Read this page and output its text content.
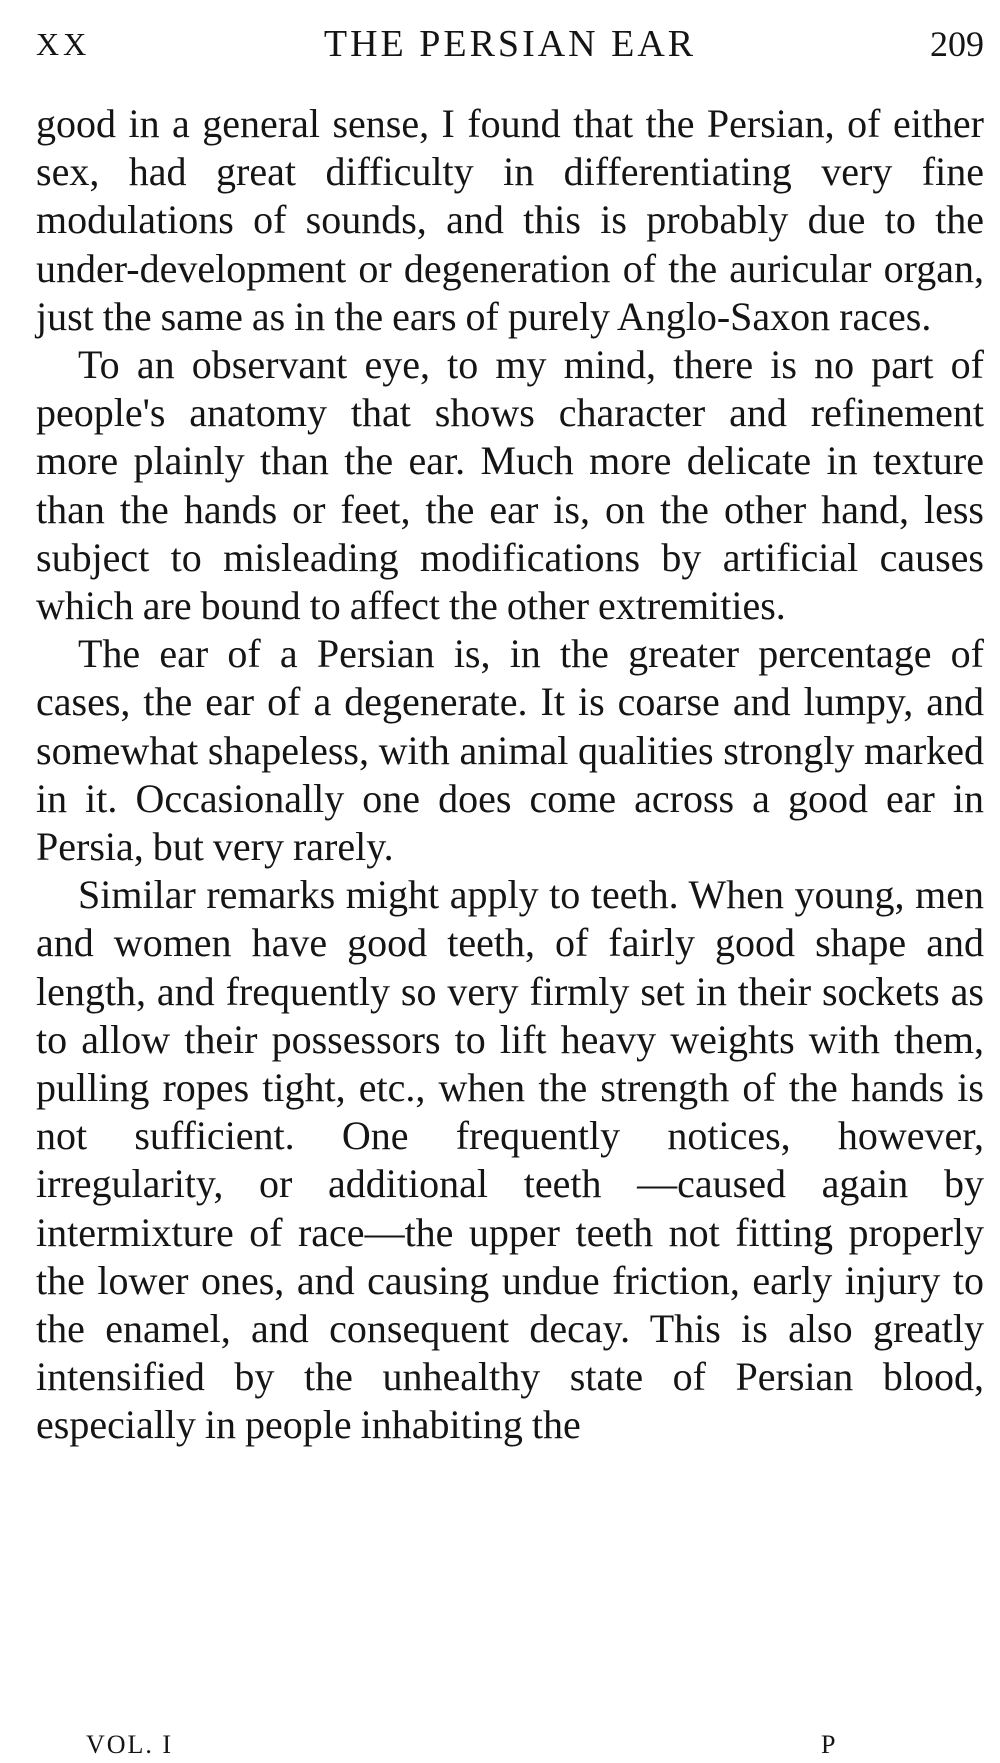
XX	THE PERSIAN EAR	209

good in a general sense, I found that the Persian, of either sex, had great difficulty in differentiating very fine modulations of sounds, and this is probably due to the under-development or degeneration of the auricular organ, just the same as in the ears of purely Anglo-Saxon races.

To an observant eye, to my mind, there is no part of people's anatomy that shows character and refinement more plainly than the ear. Much more delicate in texture than the hands or feet, the ear is, on the other hand, less subject to misleading modifications by artificial causes which are bound to affect the other extremities.

The ear of a Persian is, in the greater percentage of cases, the ear of a degenerate. It is coarse and lumpy, and somewhat shapeless, with animal qualities strongly marked in it. Occasionally one does come across a good ear in Persia, but very rarely.

Similar remarks might apply to teeth. When young, men and women have good teeth, of fairly good shape and length, and frequently so very firmly set in their sockets as to allow their possessors to lift heavy weights with them, pulling ropes tight, etc., when the strength of the hands is not sufficient. One frequently notices, however, irregularity, or additional teeth —caused again by intermixture of race—the upper teeth not fitting properly the lower ones, and causing undue friction, early injury to the enamel, and consequent decay. This is also greatly intensified by the unhealthy state of Persian blood, especially in people inhabiting the

VOL. I	P
